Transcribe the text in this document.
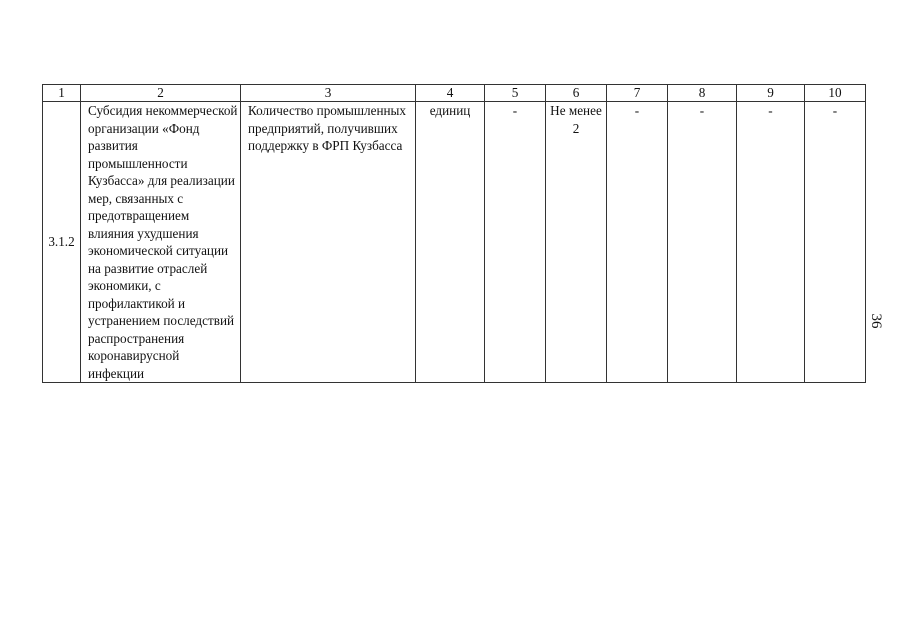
1	2	3	4	5	6	7	8	9	10
3.1.2	Субсидия некоммерческой организации «Фонд развития промышленности Кузбасса» для реализации мер, связанных с предотвращением влияния ухудшения экономической ситуации на развитие отраслей экономики, с профилактикой и устранением последствий распространения коронавирусной инфекции	Количество промышленных предприятий, получивших поддержку в ФРП Кузбасса	единиц	-	Не менее 2	-	-	-	-
36
